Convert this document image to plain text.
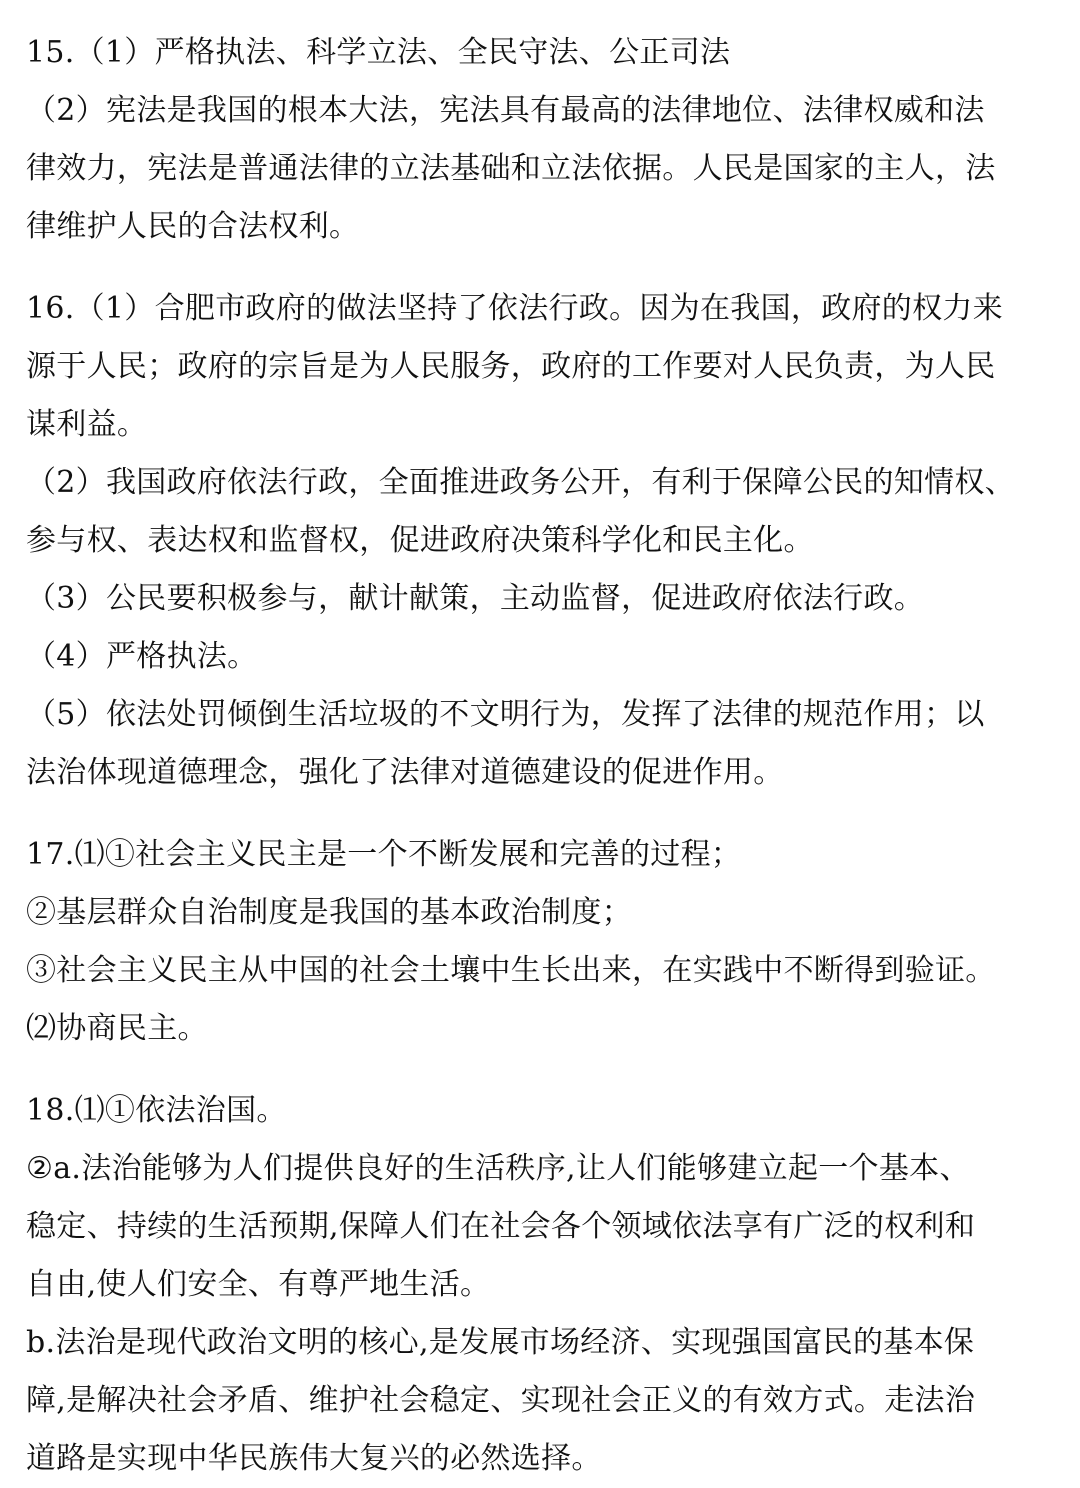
15.（1）严格执法、科学立法、全民守法、公正司法
（2）宪法是我国的根本大法，宪法具有最高的法律地位、法律权威和法
律效力，宪法是普通法律的立法基础和立法依据。人民是国家的主人，法
律维护人民的合法权利。
16.（1）合肥市政府的做法坚持了依法行政。因为在我国，政府的权力来
源于人民；政府的宗旨是为人民服务，政府的工作要对人民负责，为人民
谋利益。
（2）我国政府依法行政，全面推进政务公开，有利于保障公民的知情权、
参与权、表达权和监督权，促进政府决策科学化和民主化。
（3）公民要积极参与，献计献策，主动监督，促进政府依法行政。
（4）严格执法。
（5）依法处罚倾倒生活垃圾的不文明行为，发挥了法律的规范作用；以
法治体现道德理念，强化了法律对道德建设的促进作用。
17.⑴①社会主义民主是一个不断发展和完善的过程；
②基层群众自治制度是我国的基本政治制度；
③社会主义民主从中国的社会土壤中生长出来，在实践中不断得到验证。
⑵协商民主。
18.⑴①依法治国。
②a.法治能够为人们提供良好的生活秩序,让人们能够建立起一个基本、
稳定、持续的生活预期,保障人们在社会各个领域依法享有广泛的权利和
自由,使人们安全、有尊严地生活。
b.法治是现代政治文明的核心,是发展市场经济、实现强国富民的基本保
障,是解决社会矛盾、维护社会稳定、实现社会正义的有效方式。走法治
道路是实现中华民族伟大复兴的必然选择。
